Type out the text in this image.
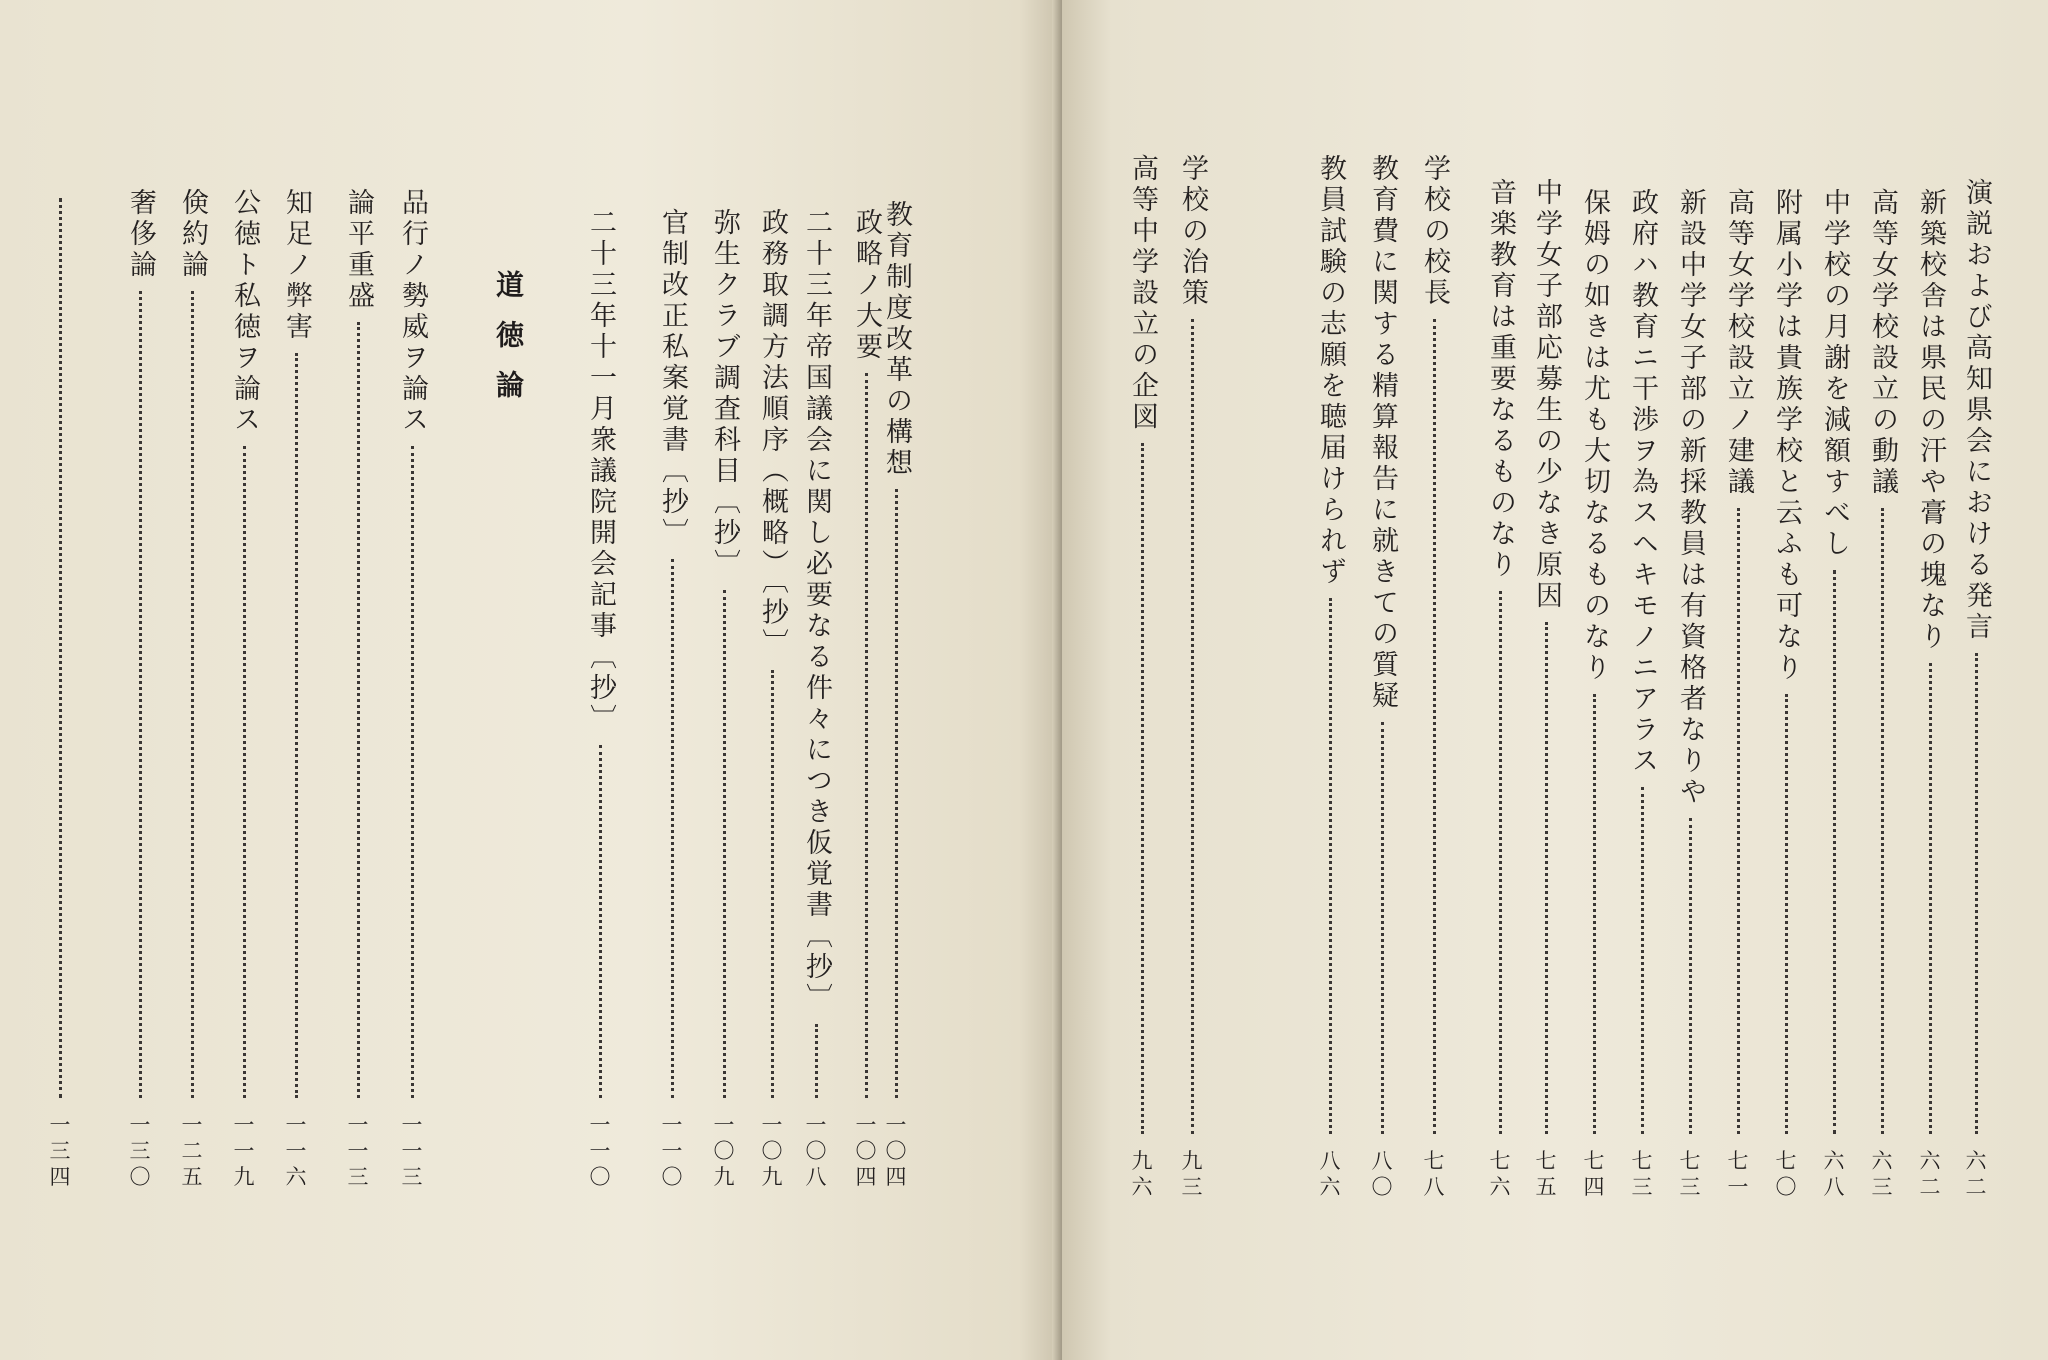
教育制度改革の構想
一〇四
政略ノ大要
一〇四
二十三年帝国議会に関し必要なる件々につき仮覚書〔抄〕
一〇八
政務取調方法順序（概略）〔抄〕
一〇九
弥生クラブ調査科目〔抄〕
一〇九
官制改正私案覚書〔抄〕
一一〇
二十三年十一月衆議院開会記事〔抄〕
一一〇
道徳論
品行ノ勢威ヲ論ス
一一三
論平重盛
一一三
知足ノ弊害
一一六
公徳ト私徳ヲ論ス
一一九
倹約論
一二五
奢侈論
一三〇
一三四
演説および高知県会における発言
六二
新築校舎は県民の汗や膏の塊なり
六二
高等女学校設立の動議
六三
中学校の月謝を減額すべし
六八
附属小学は貴族学校と云ふも可なり
七〇
高等女学校設立ノ建議
七一
新設中学女子部の新採教員は有資格者なりや
七三
政府ハ教育ニ干渉ヲ為スヘキモノニアラス
七三
保姆の如きは尤も大切なるものなり
七四
中学女子部応募生の少なき原因
七五
音楽教育は重要なるものなり
七六
学校の校長
七八
教育費に関する精算報告に就きての質疑
八〇
教員試験の志願を聴届けられず
八六
学校の治策
九三
高等中学設立の企図
九六
